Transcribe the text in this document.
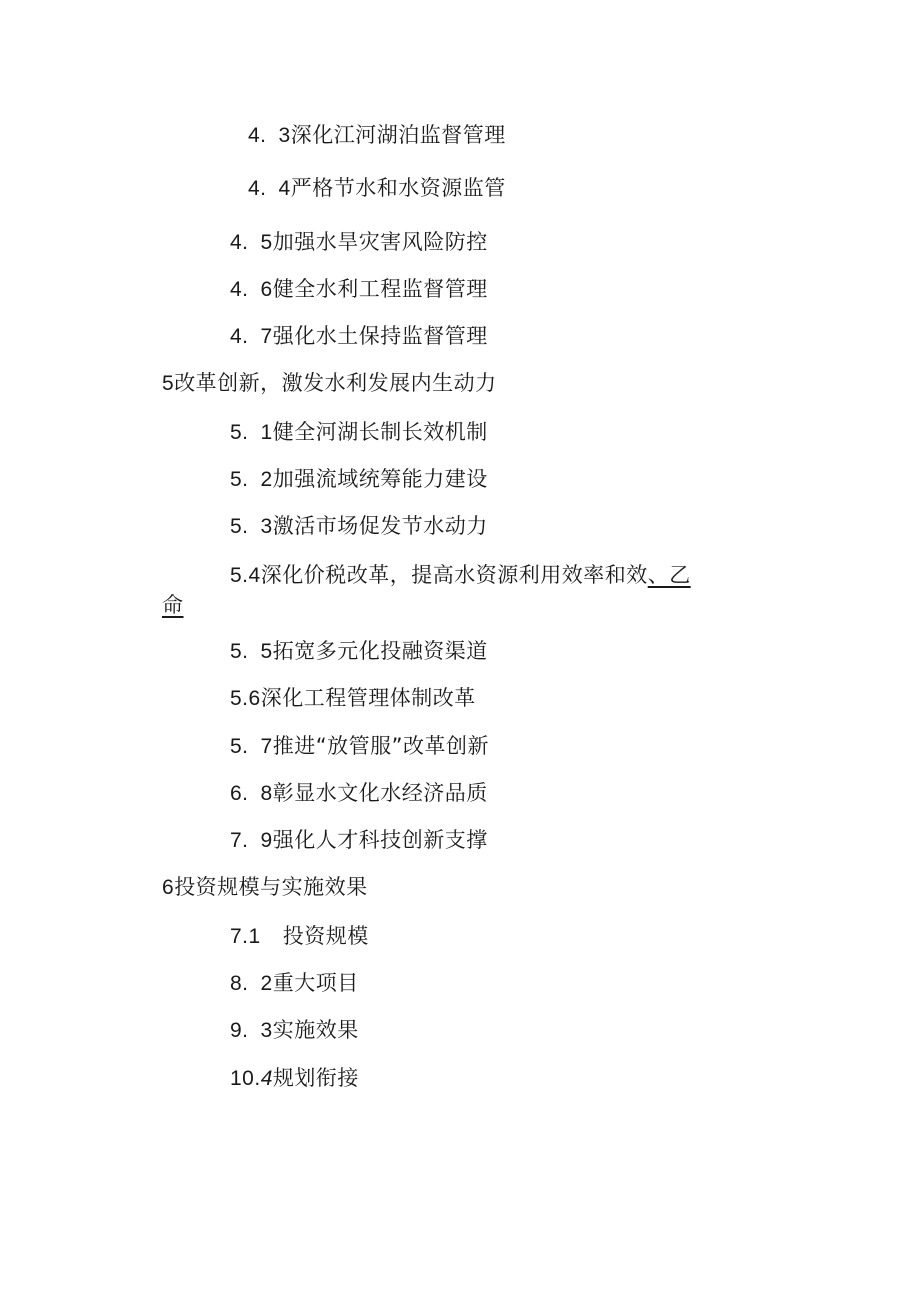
4. 3深化江河湖泊监督管理
4. 4严格节水和水资源监管
4. 5加强水旱灾害风险防控
4. 6健全水利工程监督管理
4. 7强化水土保持监督管理
5改革创新，激发水利发展内生动力
5. 1健全河湖长制长效机制
5. 2加强流域统筹能力建设
5. 3激活市场促发节水动力
5.4深化价税改革，提高水资源利用效率和效、乙
命
5. 5拓宽多元化投融资渠道
5.6深化工程管理体制改革
5. 7推进“放管服”改革创新
6. 8彰显水文化水经济品质
7. 9强化人才科技创新支撑
6投资规模与实施效果
7.1 投资规模
8. 2重大项目
9. 3实施效果
10.4规划衔接
